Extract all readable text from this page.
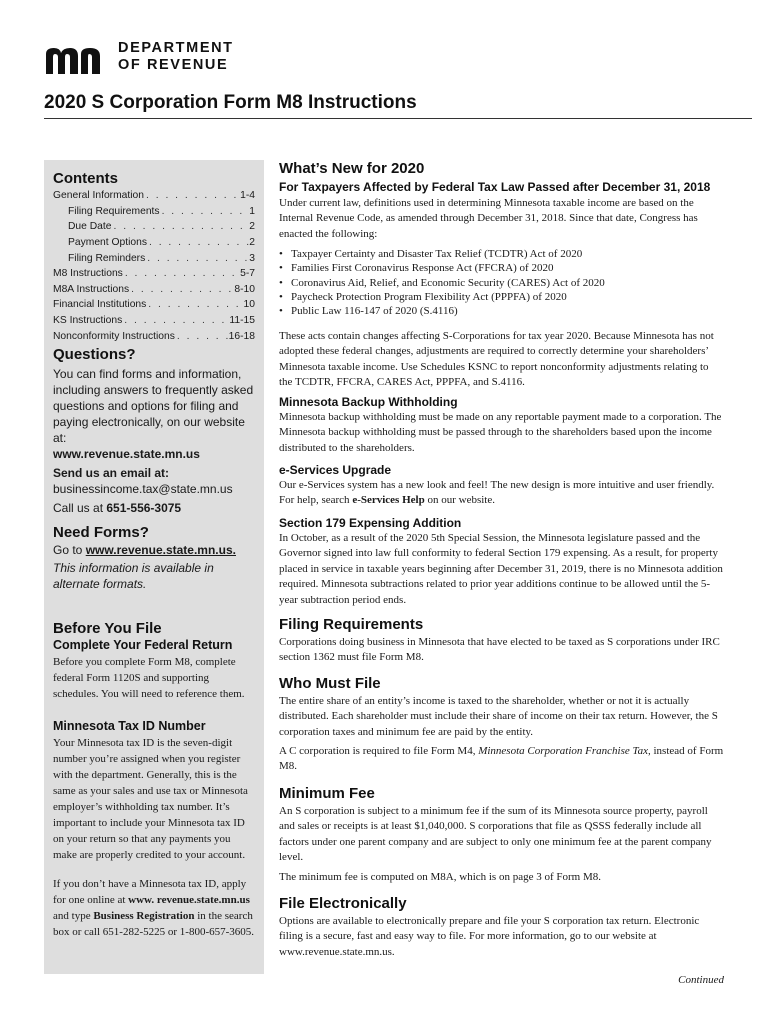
DEPARTMENT
OF REVENUE
2020 S Corporation Form M8 Instructions
Contents
General Information . . .	1-4
Filing Requirements . . .	1
Due Date . . .	2
Payment Options . . .	2
Filing Reminders . . .	3
M8 Instructions . . .	5-7
M8A Instructions . . .	8-10
Financial Institutions . . .	10
KS Instructions . . .	11-15
Nonconformity Instructions . . .	16-18
Questions?

You can find forms and information, including answers to frequently asked questions and options for filing and paying electronically, on our website at:

www.revenue.state.mn.us

Send us an email at:

businessincome.tax@state.mn.us

Call us at 651-556-3075

Need Forms?

Go to www.revenue.state.mn.us.

This information is available in alternate formats.

Before You File
Complete Your Federal Return

Before you complete Form M8, complete federal Form 1120S and supporting schedules. You will need to reference them.

Minnesota Tax ID Number

Your Minnesota tax ID is the seven-digit number you’re assigned when you register with the department. Generally, this is the same as your sales and use tax or Minnesota employer’s withholding tax number. It’s important to include your Minnesota tax ID on your return so that any payments you make are properly credited to your account.

If you don’t have a Minnesota tax ID, apply for one online at www. revenue.state.mn.us and type Business Registration in the search box or call 651-282-5225 or 1-800-657-3605.

What’s New for 2020
For Taxpayers Affected by Federal Tax Law Passed after December 31, 2018

Under current law, definitions used in determining Minnesota taxable income are based on the Internal Revenue Code, as amended through December 31, 2018. Since that date, Congress has enacted the following:

• Taxpayer Certainty and Disaster Tax Relief (TCDTR) Act of 2020
• Families First Coronavirus Response Act (FFCRA) of 2020
• Coronavirus Aid, Relief, and Economic Security (CARES) Act of 2020
• Paycheck Protection Program Flexibility Act (PPPFA) of 2020
• Public Law 116-147 of 2020 (S.4116)

These acts contain changes affecting S-Corporations for tax year 2020. Because Minnesota has not adopted these federal changes, adjustments are required to correctly determine your shareholders’ Minnesota taxable income. Use Schedules KSNC to report nonconformity adjustments relating to the TCDTR, FFCRA, CARES Act, PPPFA, and S.4116.

Minnesota Backup Withholding

Minnesota backup withholding must be made on any reportable payment made to a corporation. The Minnesota backup withholding must be passed through to the shareholders based upon the income distributed to the shareholders.

e-Services Upgrade

Our e-Services system has a new look and feel! The new design is more intuitive and user friendly. For help, search e-Services Help on our website.

Section 179 Expensing Addition

In October, as a result of the 2020 5th Special Session, the Minnesota legislature passed and the Governor signed into law full conformity to federal Section 179 expensing. As a result, for property placed in service in taxable years beginning after December 31, 2019, there is no Minnesota addition required. Minnesota subtractions related to prior year additions continue to be allowed until the 5-year subtraction period ends.

Filing Requirements

Corporations doing business in Minnesota that have elected to be taxed as S corporations under IRC section 1362 must file Form M8.

Who Must File

The entire share of an entity’s income is taxed to the shareholder, whether or not it is actually distributed. Each shareholder must include their share of income on their tax return. However, the S corporation taxes and minimum fee are paid by the entity.

A C corporation is required to file Form M4, Minnesota Corporation Franchise Tax, instead of Form M8.

Minimum Fee

An S corporation is subject to a minimum fee if the sum of its Minnesota source property, payroll and sales or receipts is at least $1,040,000. S corporations that file as QSSS federally include all factors under one parent company and are subject to only one minimum fee at the parent company level.

The minimum fee is computed on M8A, which is on page 3 of Form M8.

File Electronically

Options are available to electronically prepare and file your S corporation tax return. Electronic filing is a secure, fast and easy way to file. For more information, go to our website at www.revenue.state.mn.us.

Continued
